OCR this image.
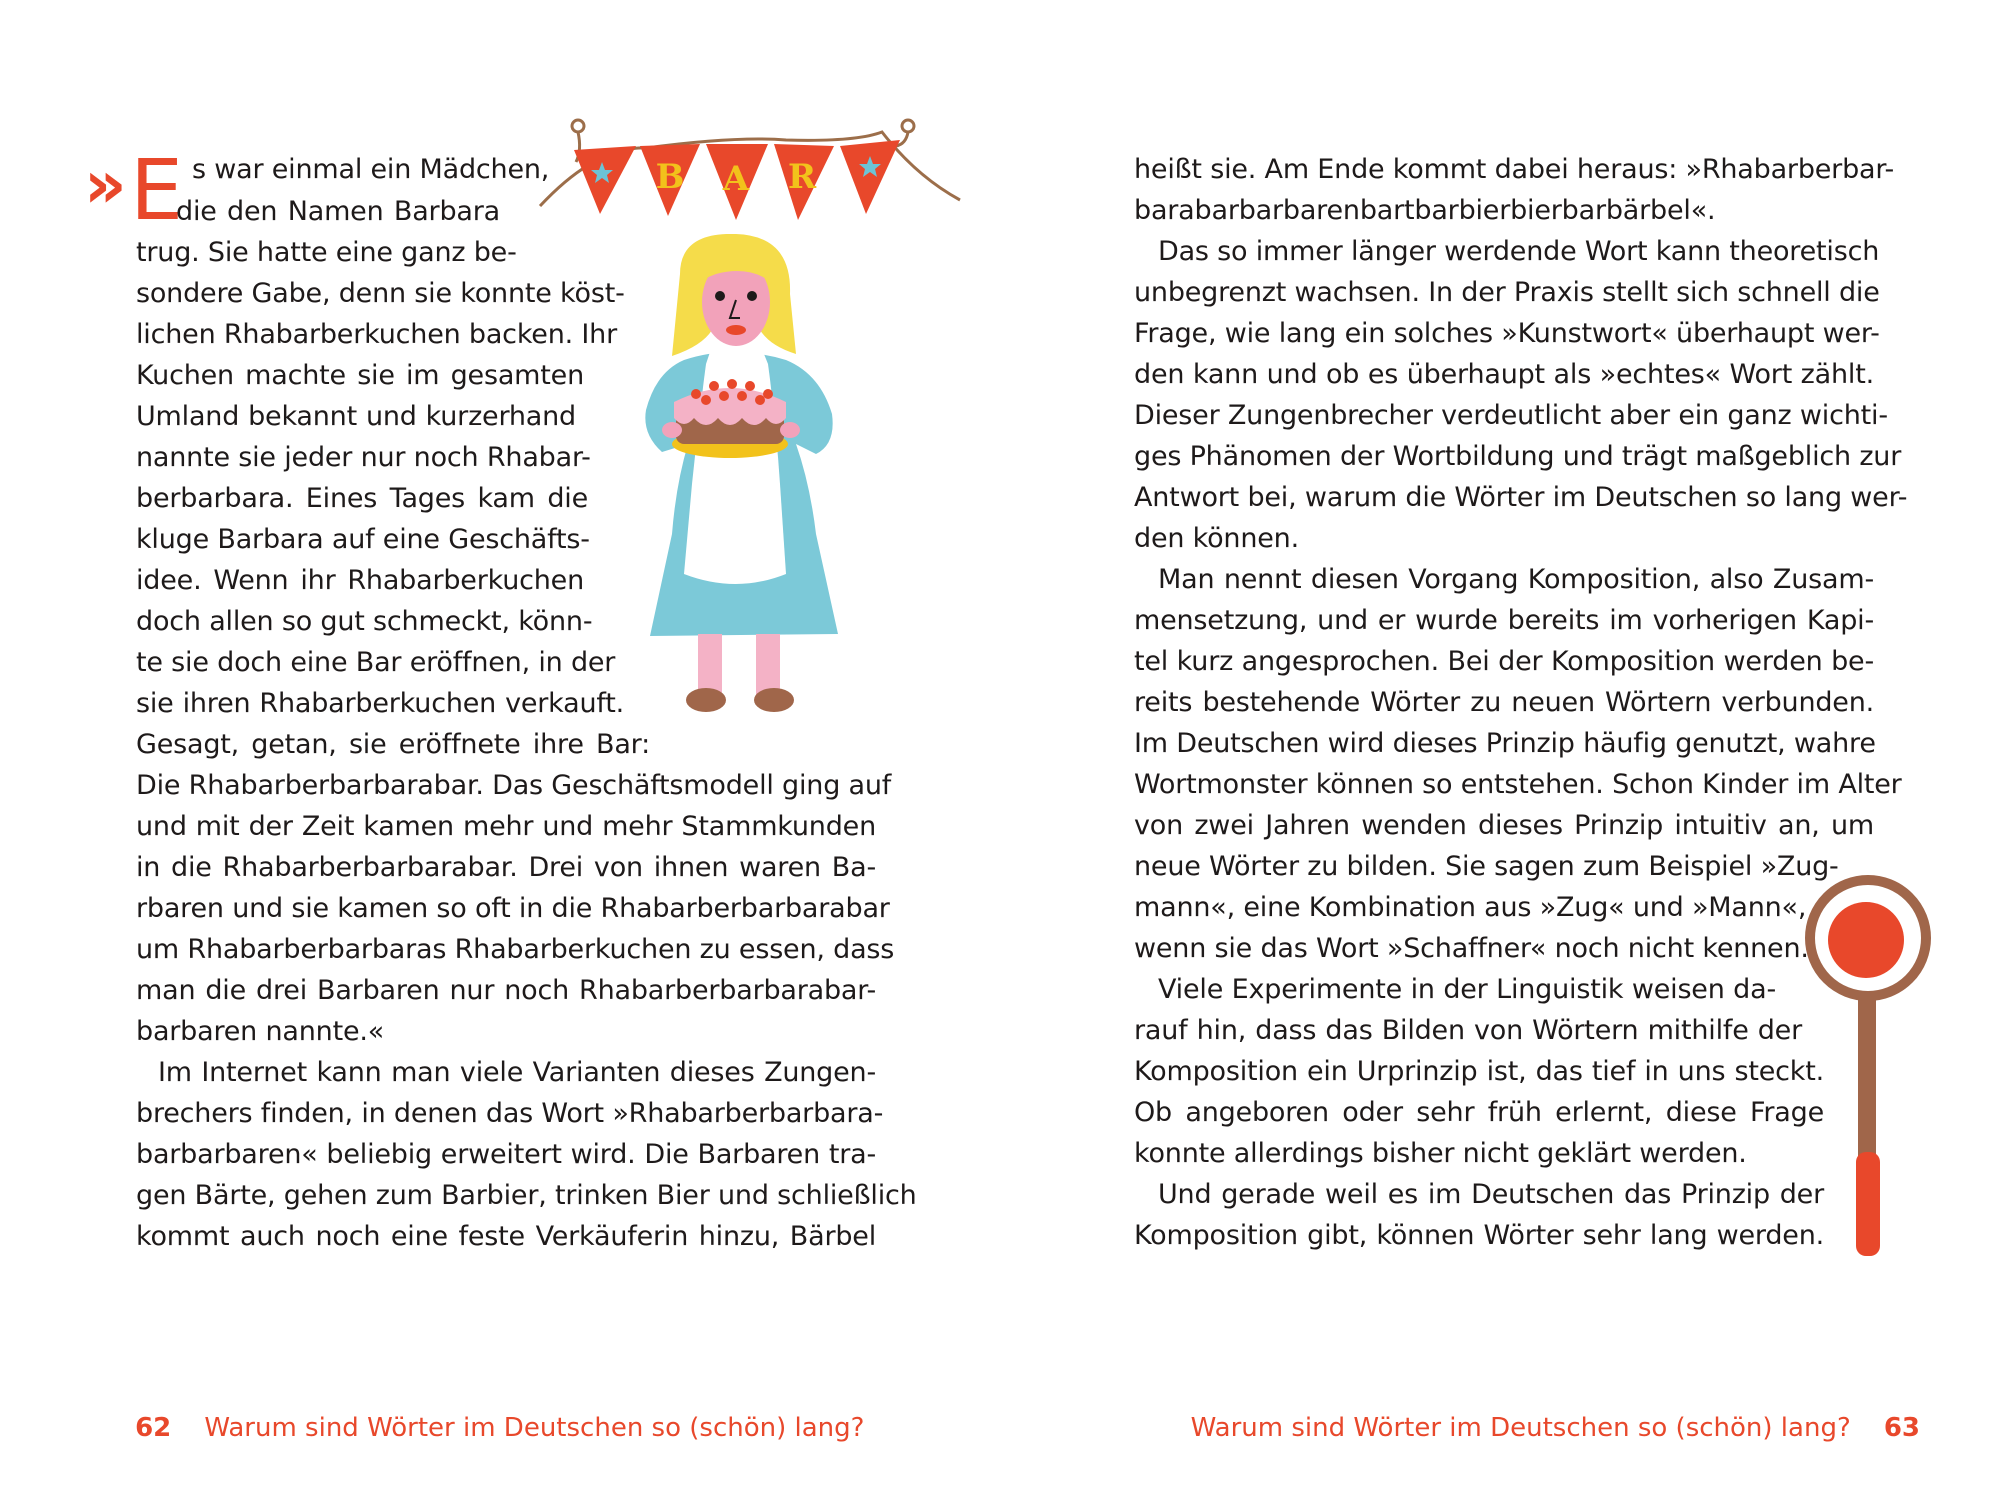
» E	B A R
s war einmal ein Mädchen,
die den Namen Barbara
trug. Sie hatte eine ganz be-
sondere Gabe, denn sie konnte köst-
lichen Rhabarberkuchen backen. Ihr
Kuchen machte sie im gesamten
Umland bekannt und kurzerhand
nannte sie jeder nur noch Rhabar-
berbarbara. Eines Tages kam die
kluge Barbara auf eine Geschäfts-
idee. Wenn ihr Rhabarberkuchen
doch allen so gut schmeckt, könn-
te sie doch eine Bar eröffnen, in der
sie ihren Rhabarberkuchen verkauft.
Gesagt, getan, sie eröffnete ihre Bar:
Die Rhabarberbarbarabar. Das Geschäftsmodell ging auf
und mit der Zeit kamen mehr und mehr Stammkunden
in die Rhabarberbarbarabar. Drei von ihnen waren Ba-
rbaren und sie kamen so oft in die Rhabarberbarbarabar
um Rhabarberbarbaras Rhabarberkuchen zu essen, dass
man die drei Barbaren nur noch Rhabarberbarbarabar-
barbaren nannte.«
Im Internet kann man viele Varianten dieses Zungen-
brechers finden, in denen das Wort »Rhabarberbarbara-
barbarbaren« beliebig erweitert wird. Die Barbaren tra-
gen Bärte, gehen zum Barbier, trinken Bier und schließlich
kommt auch noch eine feste Verkäuferin hinzu, Bärbel

62 Warum sind Wörter im Deutschen so (schön) lang?

heißt sie. Am Ende kommt dabei heraus: »Rhabarberbar-
barabarbarbarenbartbarbierbierbarbärbel«.
Das so immer länger werdende Wort kann theoretisch
unbegrenzt wachsen. In der Praxis stellt sich schnell die
Frage, wie lang ein solches »Kunstwort« überhaupt wer-
den kann und ob es überhaupt als »echtes« Wort zählt.
Dieser Zungenbrecher verdeutlicht aber ein ganz wichti-
ges Phänomen der Wortbildung und trägt maßgeblich zur
Antwort bei, warum die Wörter im Deutschen so lang wer-
den können.
Man nennt diesen Vorgang Komposition, also Zusam-
mensetzung, und er wurde bereits im vorherigen Kapi-
tel kurz angesprochen. Bei der Komposition werden be-
reits bestehende Wörter zu neuen Wörtern verbunden.
Im Deutschen wird dieses Prinzip häufig genutzt, wahre
Wortmonster können so entstehen. Schon Kinder im Alter
von zwei Jahren wenden dieses Prinzip intuitiv an, um
neue Wörter zu bilden. Sie sagen zum Beispiel »Zug-
mann«, eine Kombination aus »Zug« und »Mann«,
wenn sie das Wort »Schaffner« noch nicht kennen.
Viele Experimente in der Linguistik weisen da-
rauf hin, dass das Bilden von Wörtern mithilfe der
Komposition ein Urprinzip ist, das tief in uns steckt.
Ob angeboren oder sehr früh erlernt, diese Frage
konnte allerdings bisher nicht geklärt werden.
Und gerade weil es im Deutschen das Prinzip der
Komposition gibt, können Wörter sehr lang werden.

Warum sind Wörter im Deutschen so (schön) lang? 63
